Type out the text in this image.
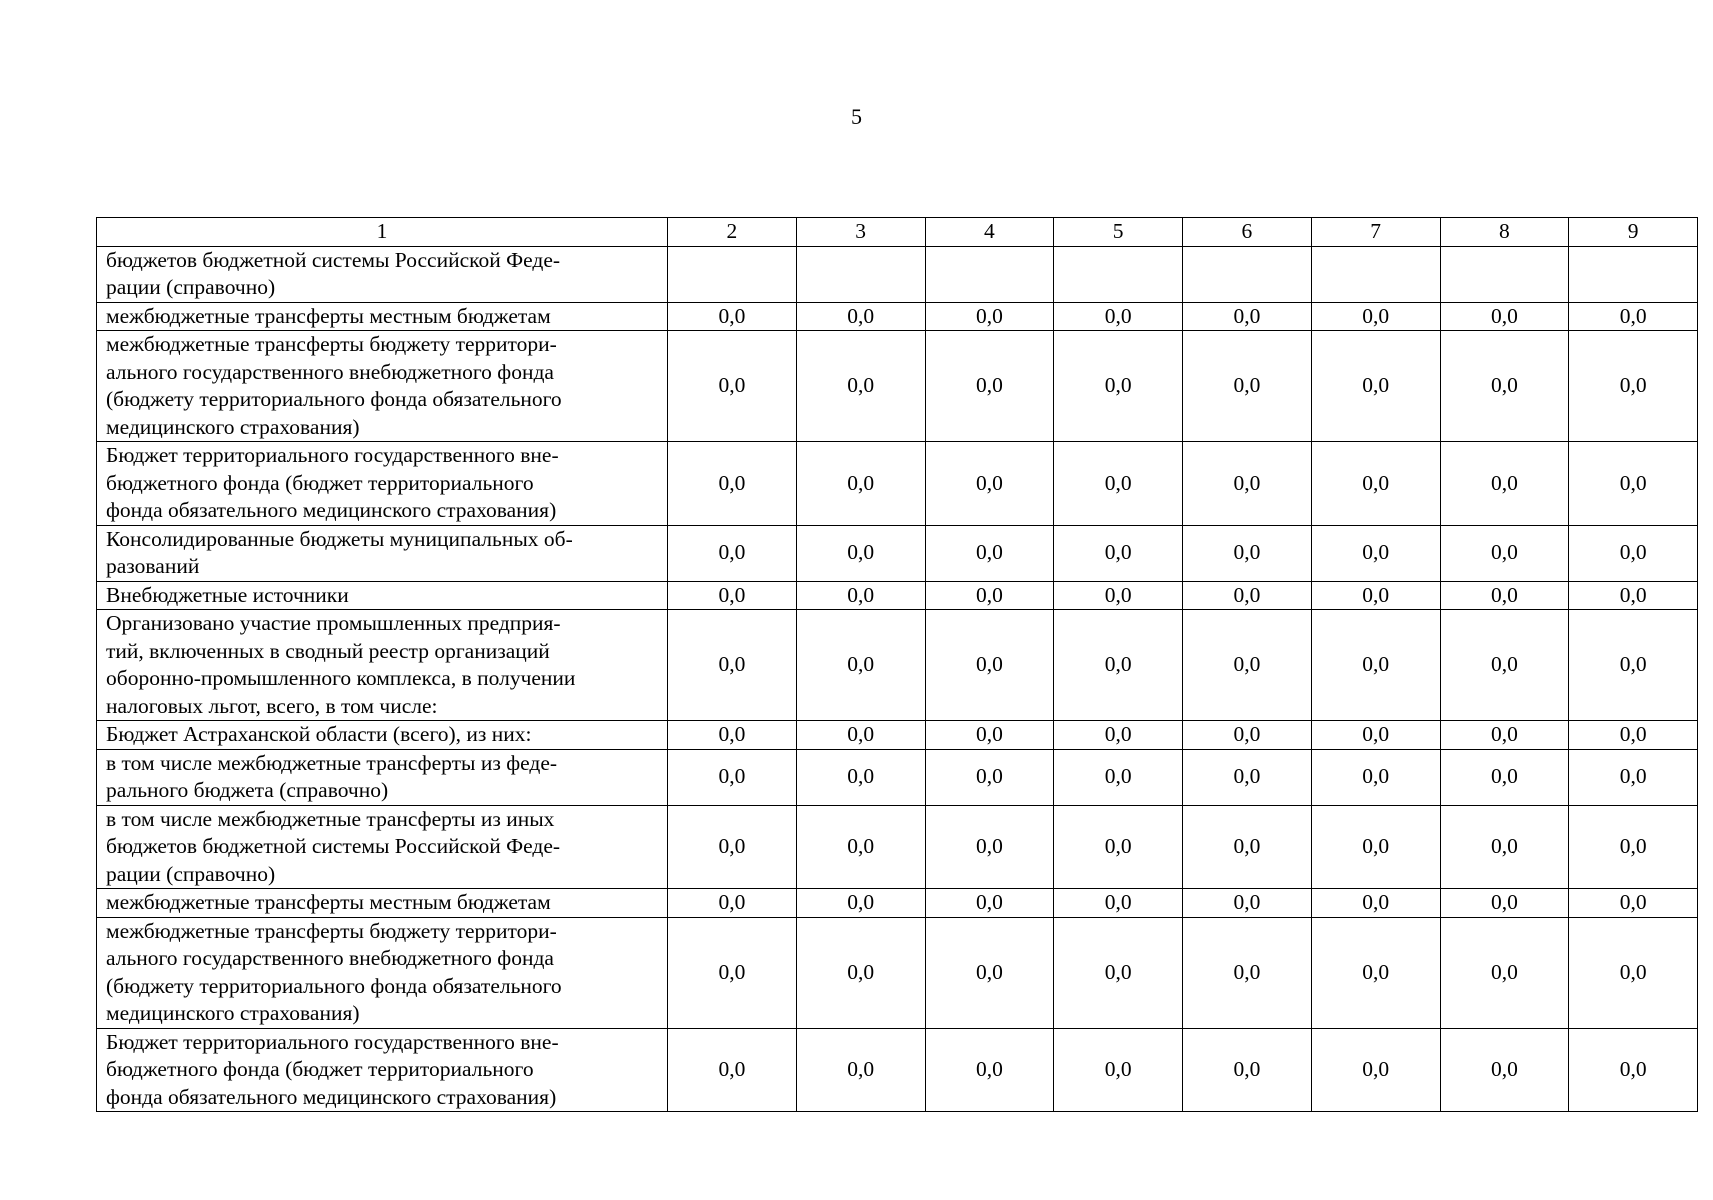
5
1	2	3	4	5	6	7	8	9

бюджетов бюджетной системы Российской Феде-
рации (справочно)								

межбюджетные трансферты местным бюджетам	0,0	0,0	0,0	0,0	0,0	0,0	0,0	0,0

межбюджетные трансферты бюджету территори-
ального государственного внебюджетного фонда
(бюджету территориального фонда обязательного
медицинского страхования)	0,0	0,0	0,0	0,0	0,0	0,0	0,0	0,0

Бюджет территориального государственного вне-
бюджетного фонда (бюджет территориального
фонда обязательного медицинского страхования)	0,0	0,0	0,0	0,0	0,0	0,0	0,0	0,0

Консолидированные бюджеты муниципальных об-
разований	0,0	0,0	0,0	0,0	0,0	0,0	0,0	0,0

Внебюджетные источники	0,0	0,0	0,0	0,0	0,0	0,0	0,0	0,0

Организовано участие промышленных предприя-
тий, включенных в сводный реестр организаций
оборонно-промышленного комплекса, в получении
налоговых льгот, всего, в том числе:	0,0	0,0	0,0	0,0	0,0	0,0	0,0	0,0

Бюджет Астраханской области (всего), из них:	0,0	0,0	0,0	0,0	0,0	0,0	0,0	0,0

в том числе межбюджетные трансферты из феде-
рального бюджета (справочно)	0,0	0,0	0,0	0,0	0,0	0,0	0,0	0,0

в том числе межбюджетные трансферты из иных
бюджетов бюджетной системы Российской Феде-
рации (справочно)	0,0	0,0	0,0	0,0	0,0	0,0	0,0	0,0

межбюджетные трансферты местным бюджетам	0,0	0,0	0,0	0,0	0,0	0,0	0,0	0,0

межбюджетные трансферты бюджету территори-
ального государственного внебюджетного фонда
(бюджету территориального фонда обязательного
медицинского страхования)	0,0	0,0	0,0	0,0	0,0	0,0	0,0	0,0

Бюджет территориального государственного вне-
бюджетного фонда (бюджет территориального
фонда обязательного медицинского страхования)	0,0	0,0	0,0	0,0	0,0	0,0	0,0	0,0
